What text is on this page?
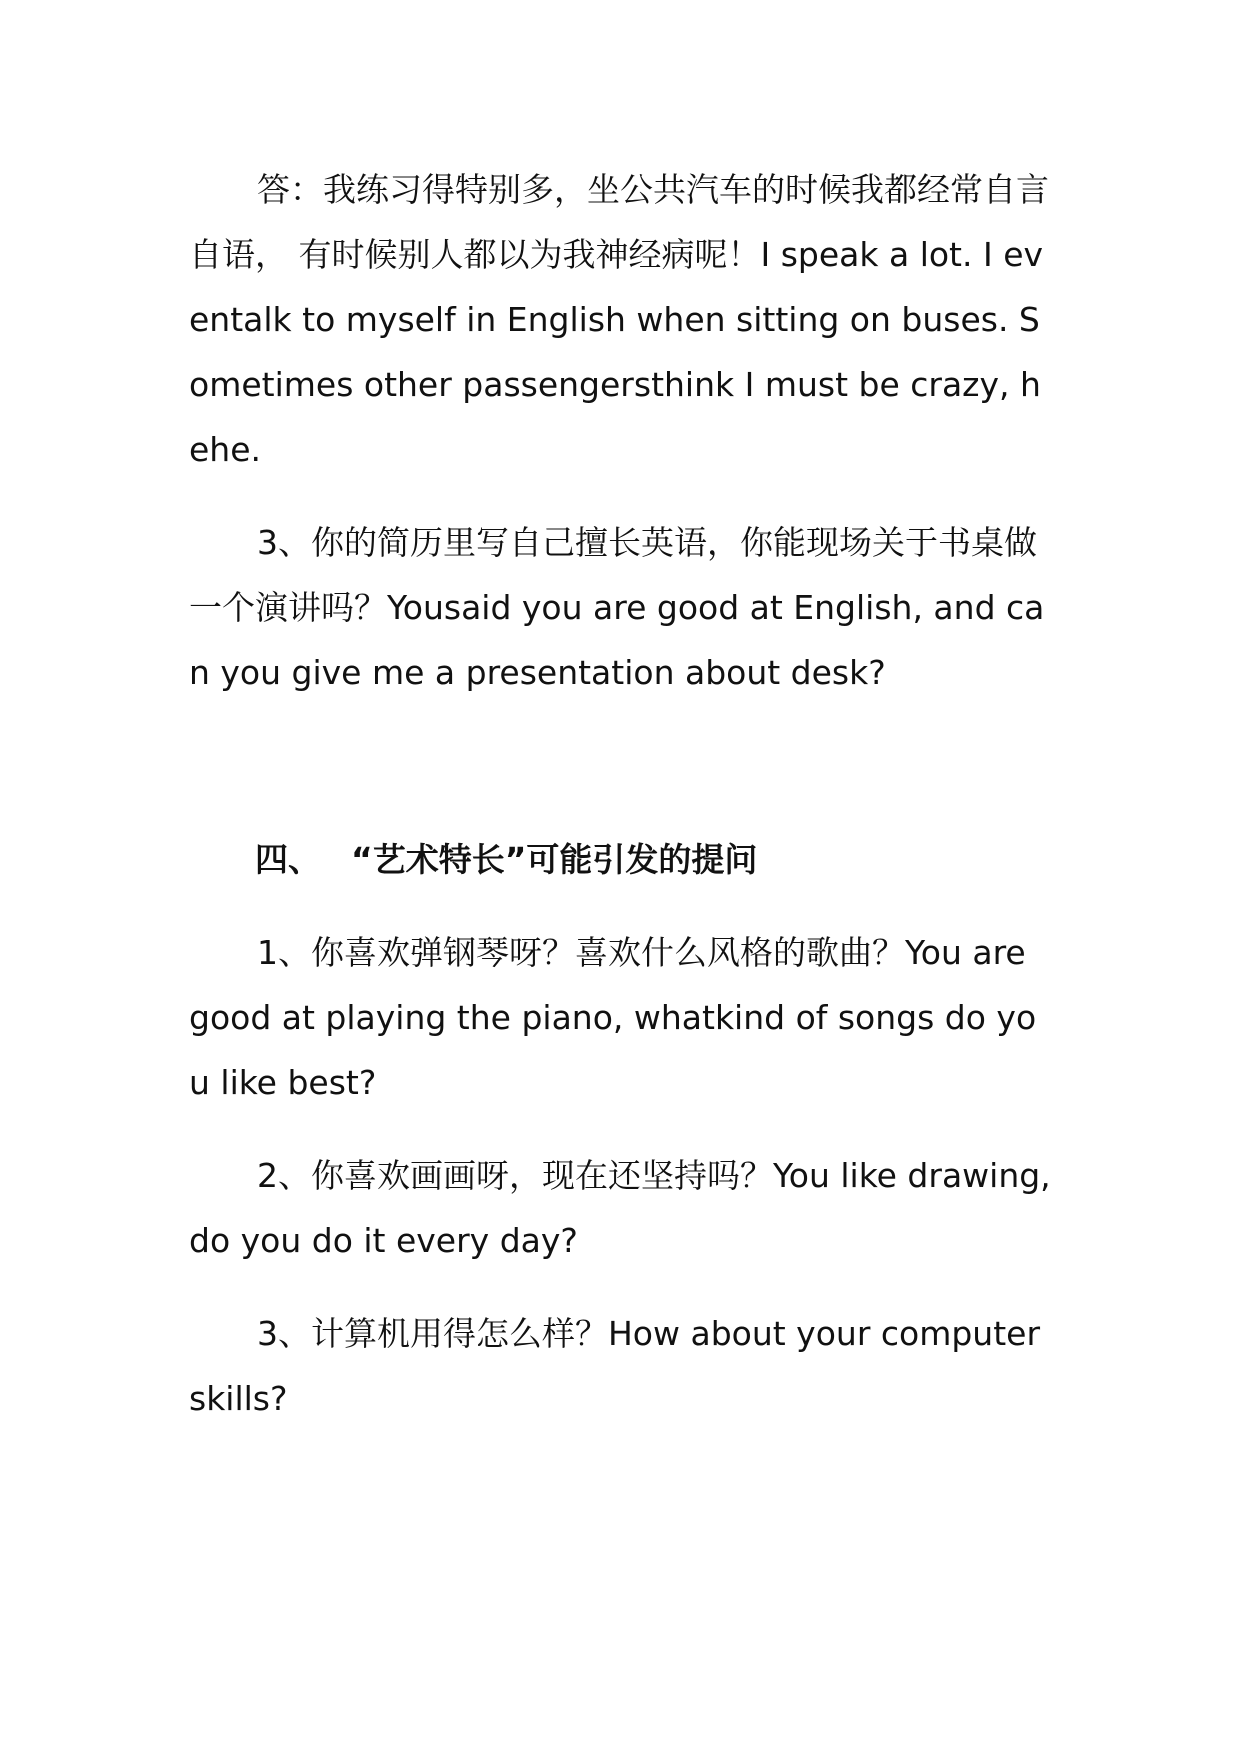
答：我练习得特别多，坐公共汽车的时候我都经常自言自语， 有时候别人都以为我神经病呢！I speak a lot. I eventalk to myself in English when sitting on buses. Sometimes other passengersthink I must be crazy, hehe.

3、你的简历里写自己擅长英语，你能现场关于书桌做一个演讲吗？Yousaid you are good at English, and can you give me a presentation about desk?

四、 “艺术特长”可能引发的提问

1、你喜欢弹钢琴呀？喜欢什么风格的歌曲？You are good at playing the piano, whatkind of songs do you like best?

2、你喜欢画画呀，现在还坚持吗？You like drawing, do you do it every day?

3、计算机用得怎么样？How about your computer skills?
